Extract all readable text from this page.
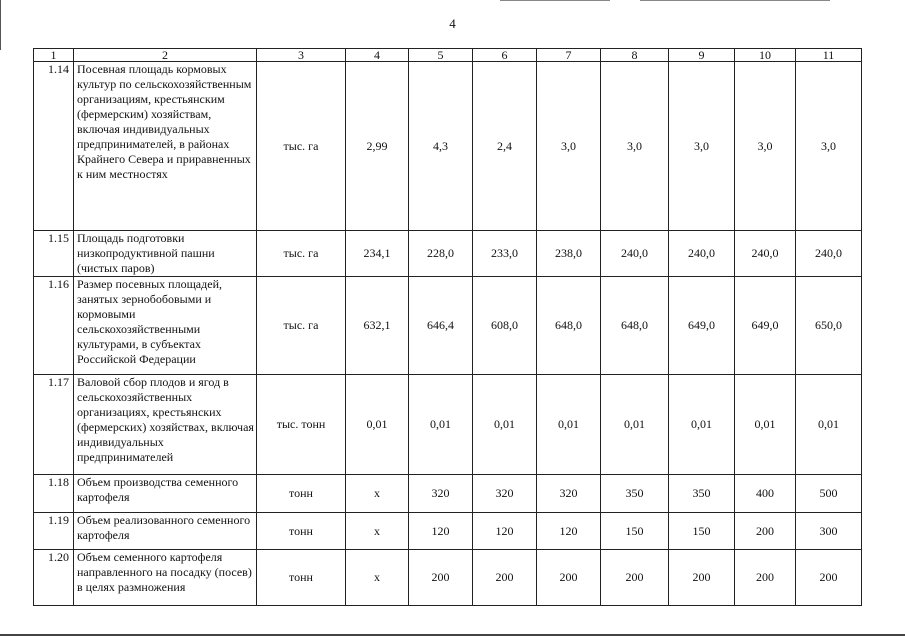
4
1	2	3	4	5	6	7	8	9	10	11
1.14	Посевная площадь кормовых культур по сельскохозяйственным организациям, крестьянским (фермерским) хозяйствам, включая индивидуальных предпринимателей, в районах Крайнего Севера и приравненных к ним местностях	тыс. га	2,99	4,3	2,4	3,0	3,0	3,0	3,0	3,0
1.15	Площадь подготовки низкопродуктивной пашни (чистых паров)	тыс. га	234,1	228,0	233,0	238,0	240,0	240,0	240,0	240,0
1.16	Размер посевных площадей, занятых зернобобовыми и кормовыми сельскохозяйственными культурами, в субъектах Российской Федерации	тыс. га	632,1	646,4	608,0	648,0	648,0	649,0	649,0	650,0
1.17	Валовой сбор плодов и ягод в сельскохозяйственных организациях, крестьянских (фермерских) хозяйствах, включая индивидуальных предпринимателей	тыс. тонн	0,01	0,01	0,01	0,01	0,01	0,01	0,01	0,01
1.18	Объем производства семенного картофеля	тонн	х	320	320	320	350	350	400	500
1.19	Объем реализованного семенного картофеля	тонн	х	120	120	120	150	150	200	300
1.20	Объем семенного картофеля направленного на посадку (посев) в целях размножения	тонн	х	200	200	200	200	200	200	200
